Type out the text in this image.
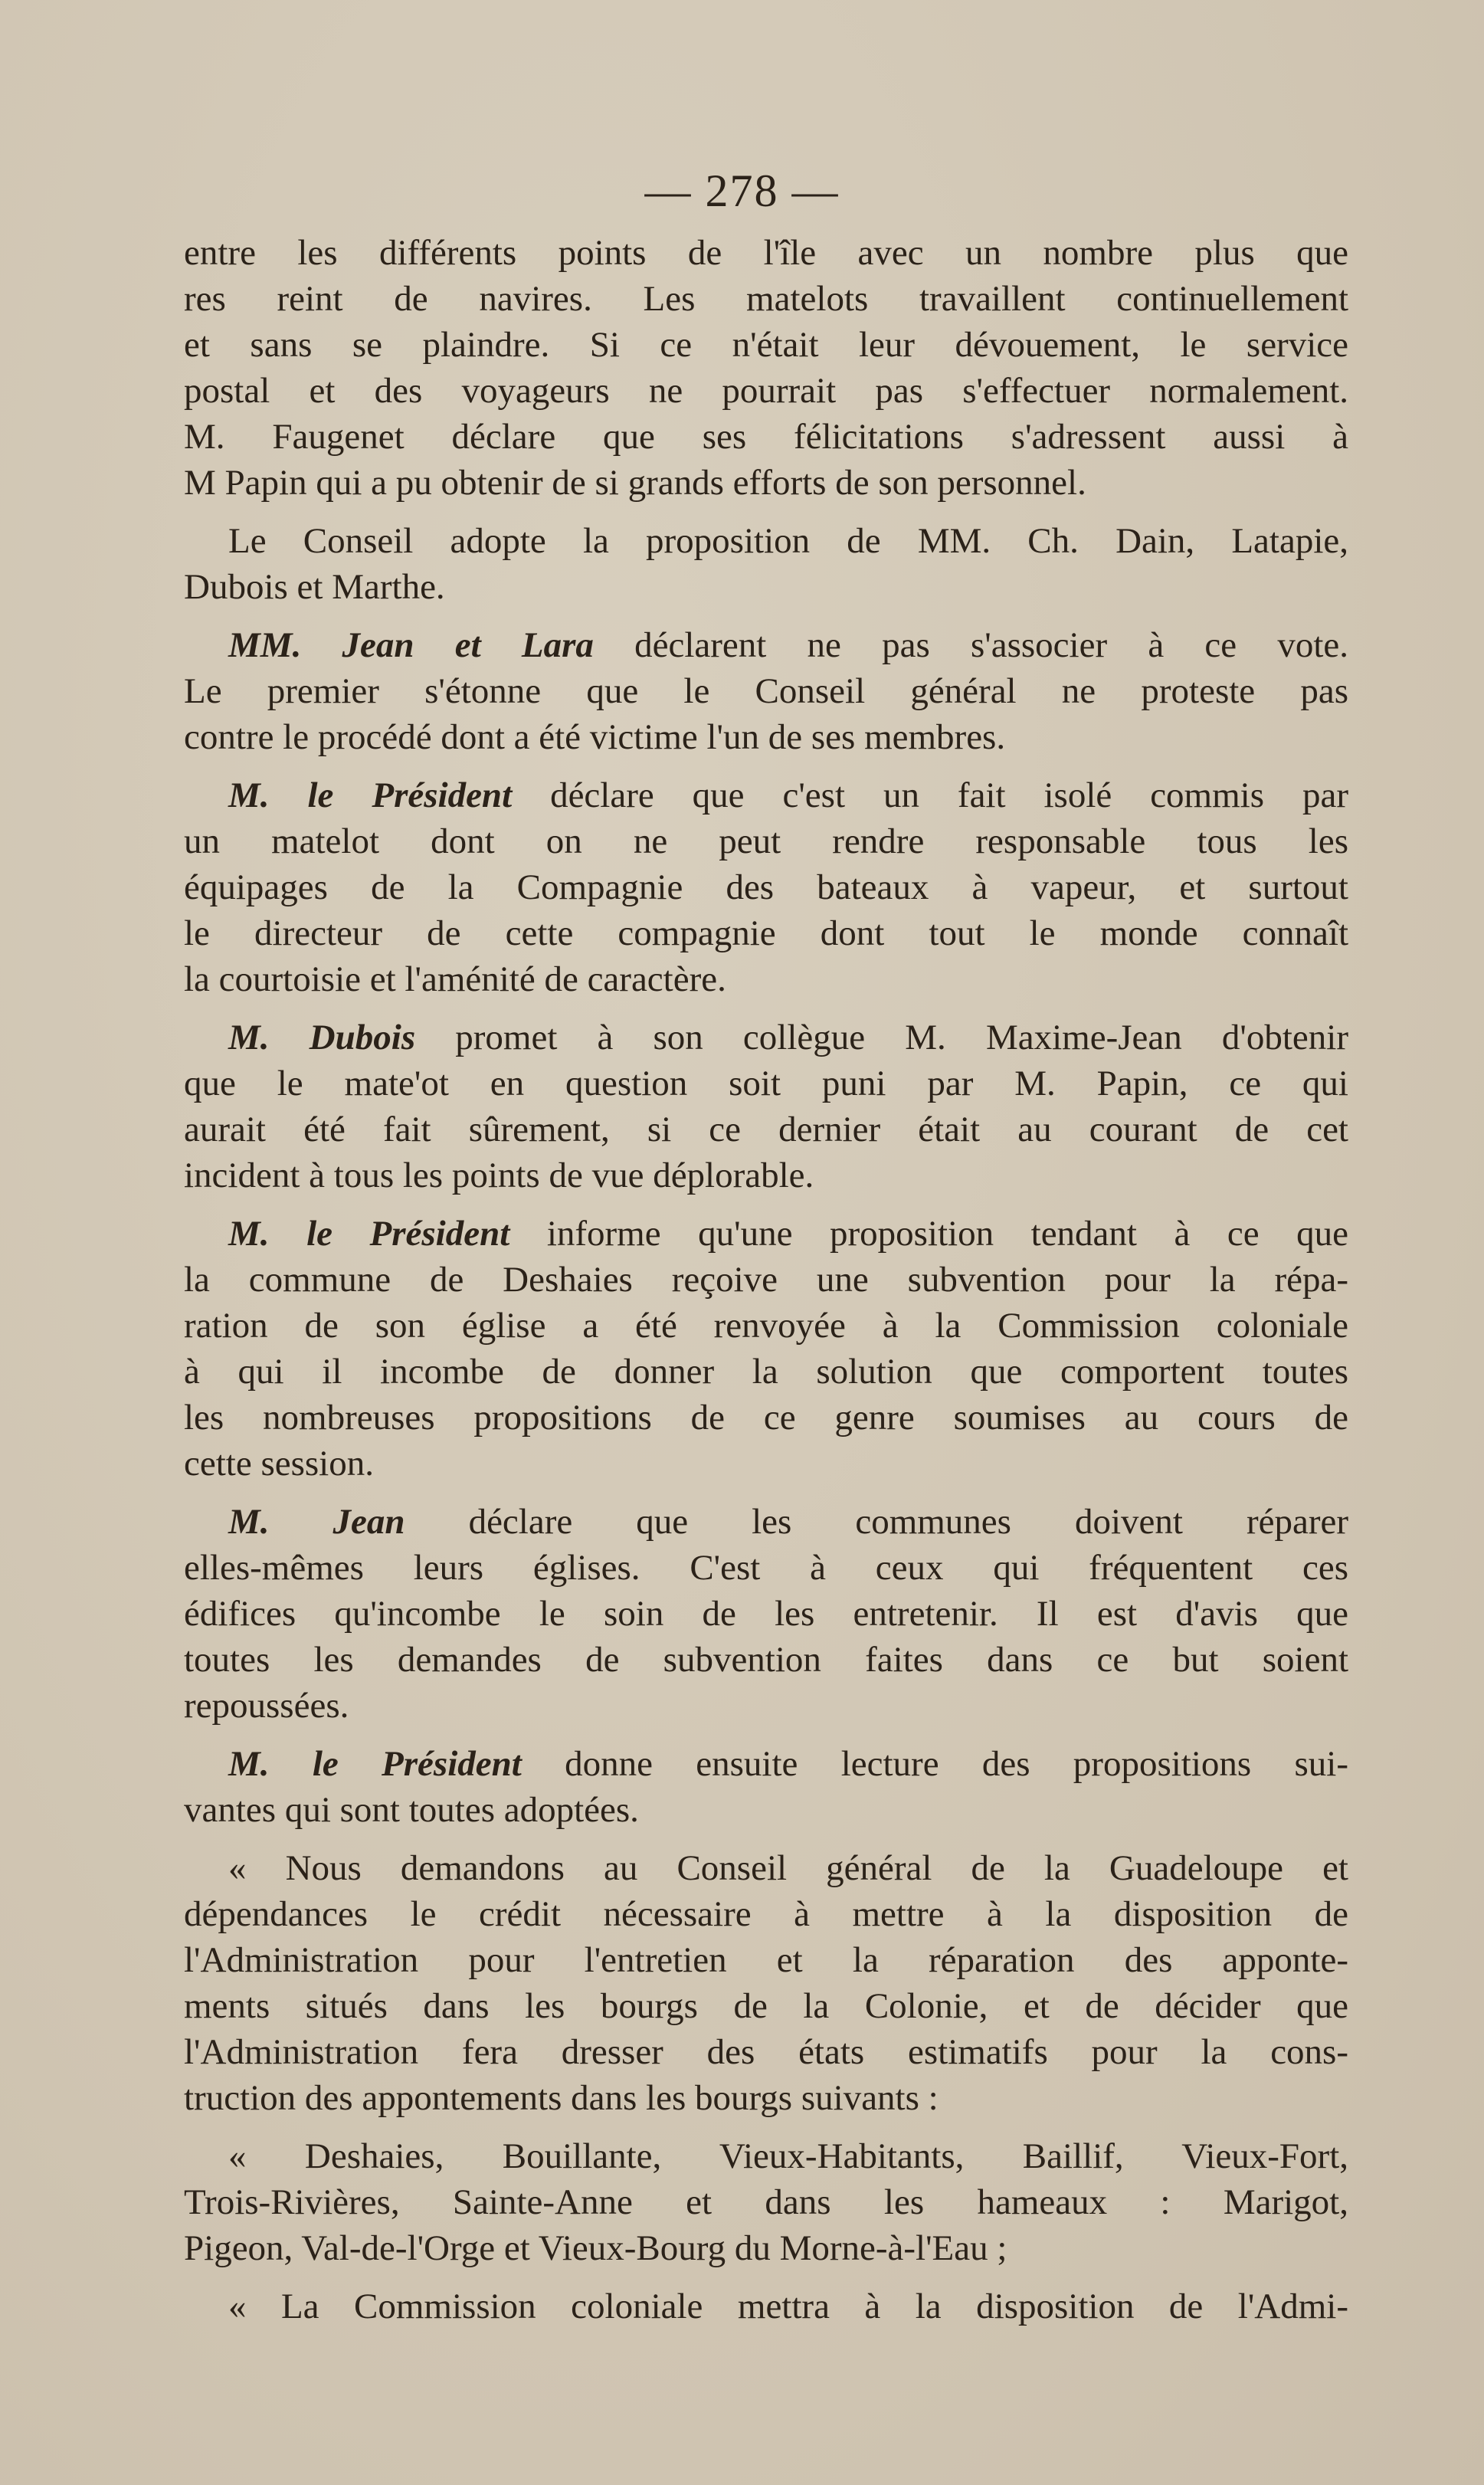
— 278 —
entre les différents points de l'île avec un nombre plus que
res reint de navires. Les matelots travaillent continuellement
et sans se plaindre. Si ce n'était leur dévouement, le service
postal et des voyageurs ne pourrait pas s'effectuer normalement.
M. Faugenet déclare que ses félicitations s'adressent aussi à
M Papin qui a pu obtenir de si grands efforts de son personnel.
Le Conseil adopte la proposition de MM. Ch. Dain, Latapie,
Dubois et Marthe.
MM. Jean et Lara déclarent ne pas s'associer à ce vote.
Le premier s'étonne que le Conseil général ne proteste pas
contre le procédé dont a été victime l'un de ses membres.
M. le Président déclare que c'est un fait isolé commis par
un matelot dont on ne peut rendre responsable tous les
équipages de la Compagnie des bateaux à vapeur, et surtout
le directeur de cette compagnie dont tout le monde connaît
la courtoisie et l'aménité de caractère.
M. Dubois promet à son collègue M. Maxime-Jean d'obtenir
que le mate'ot en question soit puni par M. Papin, ce qui
aurait été fait sûrement, si ce dernier était au courant de cet
incident à tous les points de vue déplorable.
M. le Président informe qu'une proposition tendant à ce que
la commune de Deshaies reçoive une subvention pour la répa-
ration de son église a été renvoyée à la Commission coloniale
à qui il incombe de donner la solution que comportent toutes
les nombreuses propositions de ce genre soumises au cours de
cette session.
M. Jean déclare que les communes doivent réparer
elles-mêmes leurs églises. C'est à ceux qui fréquentent ces
édifices qu'incombe le soin de les entretenir. Il est d'avis que
toutes les demandes de subvention faites dans ce but soient
repoussées.
M. le Président donne ensuite lecture des propositions sui-
vantes qui sont toutes adoptées.
« Nous demandons au Conseil général de la Guadeloupe et
dépendances le crédit nécessaire à mettre à la disposition de
l'Administration pour l'entretien et la réparation des apponte-
ments situés dans les bourgs de la Colonie, et de décider que
l'Administration fera dresser des états estimatifs pour la cons-
truction des appontements dans les bourgs suivants :
« Deshaies, Bouillante, Vieux-Habitants, Baillif, Vieux-Fort,
Trois-Rivières, Sainte-Anne et dans les hameaux : Marigot,
Pigeon, Val-de-l'Orge et Vieux-Bourg du Morne-à-l'Eau ;
« La Commission coloniale mettra à la disposition de l'Admi-
